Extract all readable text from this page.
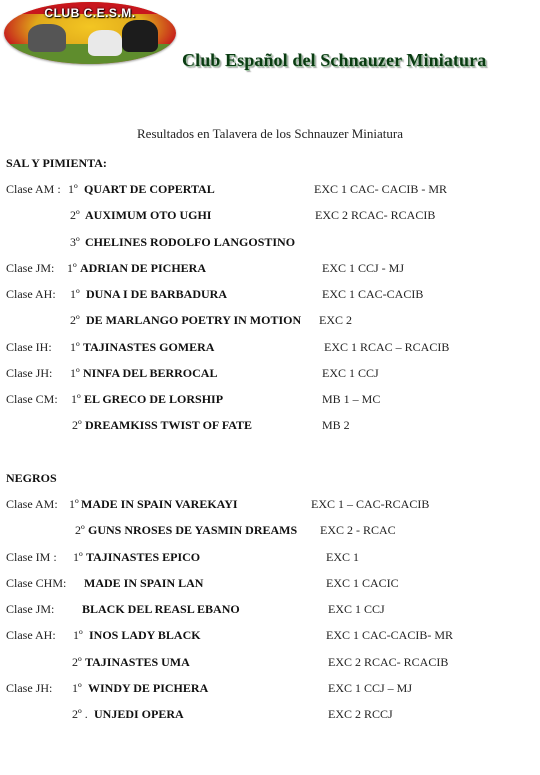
CLUB C.E.S.M.
Club Español del Schnauzer Miniatura
Resultados en Talavera de los Schnauzer Miniatura
SAL Y PIMIENTA:
Clase AM : 1º QUART DE COPERTAL	EXC 1 CAC- CACIB - MR
2º AUXIMUM OTO UGHI	EXC 2 RCAC- RCACIB
3º CHELINES RODOLFO LANGOSTINO
Clase JM: 1º ADRIAN DE PICHERA	EXC 1 CCJ - MJ
Clase AH: 1º DUNA I DE BARBADURA	EXC 1 CAC-CACIB
2º DE MARLANGO POETRY IN MOTION EXC 2
Clase IH: 1º TAJINASTES GOMERA	EXC 1 RCAC – RCACIB
Clase JH: 1º NINFA DEL BERROCAL	EXC 1 CCJ
Clase CM: 1º EL GRECO DE LORSHIP	MB 1 – MC
2º DREAMKISS TWIST OF FATE	MB 2
NEGROS
Clase AM: 1º MADE IN SPAIN VAREKAYI	EXC 1 – CAC-RCACIB
2º GUNS NROSES DE YASMIN DREAMS EXC 2 - RCAC
Clase IM : 1º TAJINASTES EPICO	EXC 1
Clase CHM: MADE IN SPAIN LAN	EXC 1 CACIC
Clase JM: BLACK DEL REASL EBANO	EXC 1 CCJ
Clase AH: 1º INOS LADY BLACK	EXC 1 CAC-CACIB- MR
2º TAJINASTES UMA	EXC 2 RCAC- RCACIB
Clase JH: 1º WINDY DE PICHERA	EXC 1 CCJ – MJ
2º . UNJEDI OPERA	EXC 2 RCCJ
